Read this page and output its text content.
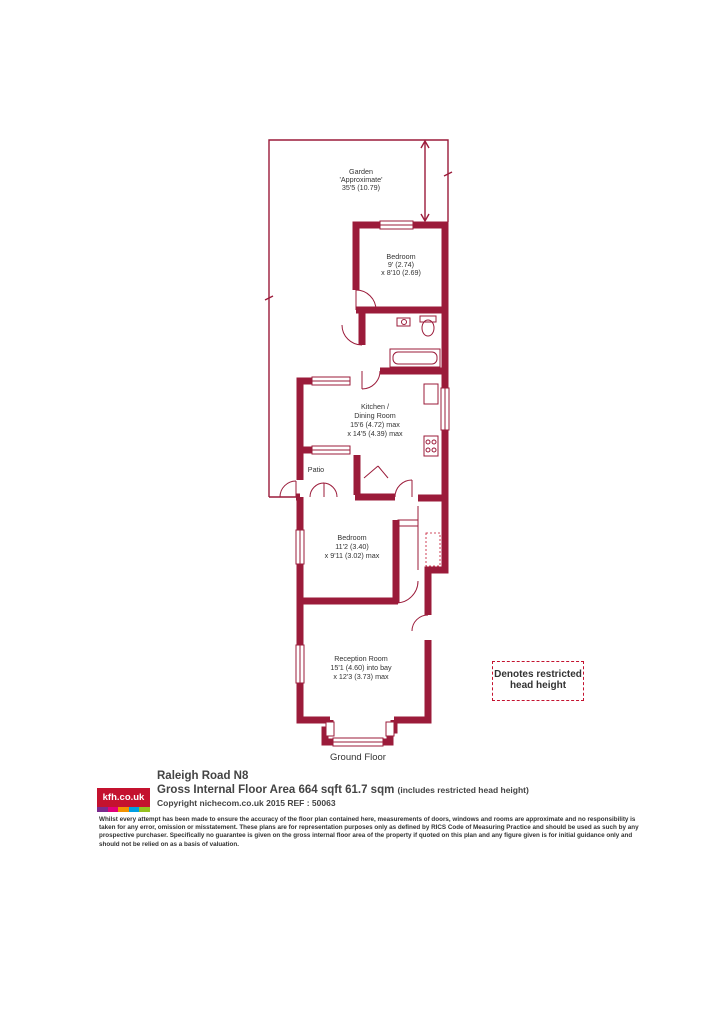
Garden
'Approximate'
35'5 (10.79)
Bedroom
9' (2.74)
x 8'10 (2.69)
Kitchen /
Dining Room
15'6 (4.72) max
x 14'5 (4.39) max
Patio
Bedroom
11'2 (3.40)
x 9'11 (3.02) max
Reception Room
15'1 (4.60) into bay
x 12'3 (3.73) max
Ground Floor
Denotes restricted
head height
kfh.co.uk
Raleigh Road N8
Gross Internal Floor Area 664 sqft 61.7 sqm (includes restricted head height)
Copyright nichecom.co.uk 2015 REF : 50063
Whilst every attempt has been made to ensure the accuracy of the floor plan contained here, measurements of doors, windows and rooms are approximate and no responsibility is taken for any error, omission or misstatement. These plans are for representation purposes only as defined by RICS Code of Measuring Practice and should be used as such by any prospective purchaser. Specifically no guarantee is given on the gross internal floor area of the property if quoted on this plan and any figure given is for initial guidance only and should not be relied on as a basis of valuation.
